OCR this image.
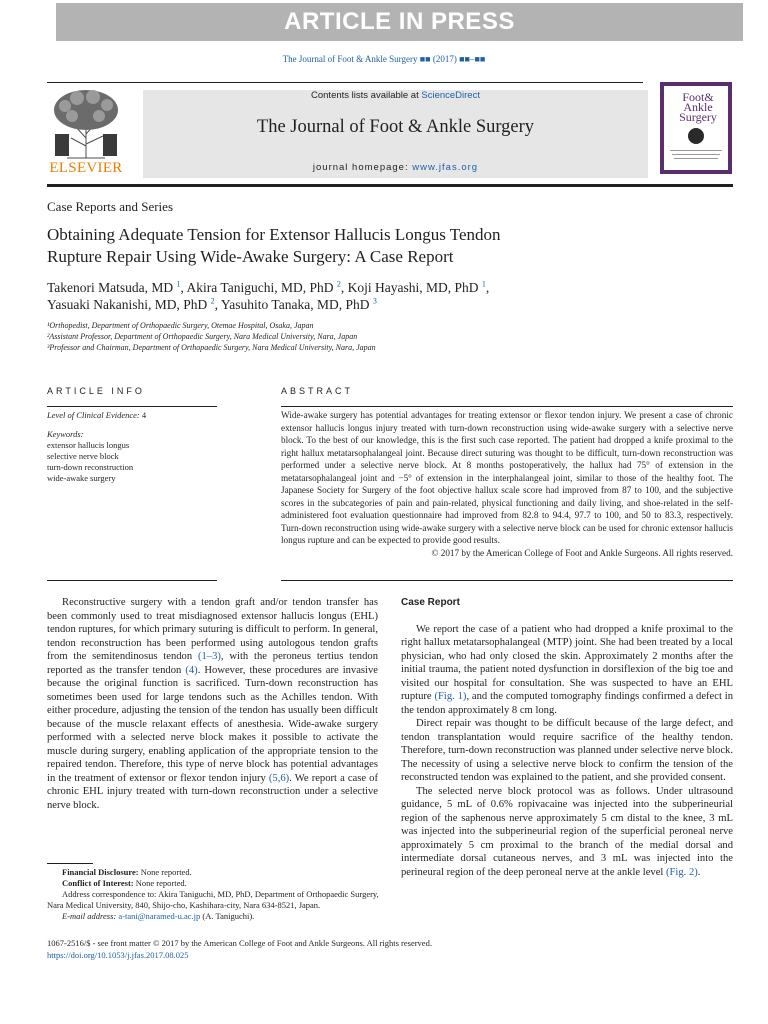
ARTICLE IN PRESS
The Journal of Foot & Ankle Surgery ■■ (2017) ■■–■■
ELSEVIER
Contents lists available at ScienceDirect
The Journal of Foot & Ankle Surgery
journal homepage: www.jfas.org
Foot&
Ankle
Surgery
Case Reports and Series
Obtaining Adequate Tension for Extensor Hallucis Longus Tendon
Rupture Repair Using Wide-Awake Surgery: A Case Report
Takenori Matsuda, MD $^1$, Akira Taniguchi, MD, PhD $^2$, Koji Hayashi, MD, PhD $^1$,
Yasuaki Nakanishi, MD, PhD $^2$, Yasuhito Tanaka, MD, PhD $^3$
¹Orthopedist, Department of Orthopaedic Surgery, Otemae Hospital, Osaka, Japan
²Assistant Professor, Department of Orthopaedic Surgery, Nara Medical University, Nara, Japan
³Professor and Chairman, Department of Orthopaedic Surgery, Nara Medical University, Nara, Japan
ARTICLE INFO
Level of Clinical Evidence: 4
Keywords:
extensor hallucis longus
selective nerve block
turn-down reconstruction
wide-awake surgery
ABSTRACT
Wide-awake surgery has potential advantages for treating extensor or flexor tendon injury. We present a case of chronic extensor hallucis longus injury treated with turn-down reconstruction using wide-awake surgery with a selective nerve block. To the best of our knowledge, this is the first such case reported. The patient had dropped a knife proximal to the right hallux metatarsophalangeal joint. Because direct suturing was thought to be difficult, turn-down reconstruction was performed under a selective nerve block. At 8 months postoperatively, the hallux had 75° of extension in the metatarsophalangeal joint and −5° of extension in the interphalangeal joint, similar to those of the healthy foot. The Japanese Society for Surgery of the foot objective hallux scale score had improved from 87 to 100, and the subjective scores in the subcategories of pain and pain-related, physical functioning and daily living, and shoe-related in the self-administered foot evaluation questionnaire had improved from 82.8 to 94.4, 97.7 to 100, and 50 to 83.3, respectively. Turn-down reconstruction using wide-awake surgery with a selective nerve block can be used for chronic extensor hallucis longus rupture and can be expected to provide good results.
© 2017 by the American College of Foot and Ankle Surgeons. All rights reserved.

Reconstructive surgery with a tendon graft and/or tendon transfer has been commonly used to treat misdiagnosed extensor hallucis longus (EHL) tendon ruptures, for which primary suturing is difficult to perform. In general, tendon reconstruction has been performed using autologous tendon grafts from the semitendinosus tendon (1–3), with the peroneus tertius tendon reported as the transfer tendon (4). However, these procedures are invasive because the original function is sacrificed. Turn-down reconstruction has sometimes been used for large tendons such as the Achilles tendon. With either procedure, adjusting the tension of the tendon has usually been difficult because of the muscle relaxant effects of anesthesia. Wide-awake surgery performed with a selected nerve block makes it possible to activate the muscle during surgery, enabling application of the appropriate tension to the repaired tendon. Therefore, this type of nerve block has potential advantages in the treatment of extensor or flexor tendon injury (5,6). We report a case of chronic EHL injury treated with turn-down reconstruction under a selective nerve block.

Case Report

We report the case of a patient who had dropped a knife proximal to the right hallux metatarsophalangeal (MTP) joint. She had been treated by a local physician, who had only closed the skin. Approximately 2 months after the initial trauma, the patient noted dysfunction in dorsiflexion of the big toe and visited our hospital for consultation. She was suspected to have an EHL rupture (Fig. 1), and the computed tomography findings confirmed a defect in the tendon approximately 8 cm long.

Direct repair was thought to be difficult because of the large defect, and tendon transplantation would require sacrifice of the healthy tendon. Therefore, turn-down reconstruction was planned under selective nerve block. The necessity of using a selective nerve block to confirm the tension of the reconstructed tendon was explained to the patient, and she provided consent.

The selected nerve block protocol was as follows. Under ultrasound guidance, 5 mL of 0.6% ropivacaine was injected into the subperineurial region of the saphenous nerve approximately 5 cm distal to the knee, 3 mL was injected into the subperineurial region of the superficial peroneal nerve approximately 5 cm proximal to the branch of the medial dorsal and intermediate dorsal cutaneous nerves, and 3 mL was injected into the perineural region of the deep peroneal nerve at the ankle level (Fig. 2).

Financial Disclosure: None reported.
Conflict of Interest: None reported.
Address correspondence to: Akira Taniguchi, MD, PhD, Department of Orthopaedic Surgery, Nara Medical University, 840, Shijo-cho, Kashihara-city, Nara 634-8521, Japan.
E-mail address: a-tani@naramed-u.ac.jp (A. Taniguchi).
1067-2516/$ - see front matter © 2017 by the American College of Foot and Ankle Surgeons. All rights reserved.
https://doi.org/10.1053/j.jfas.2017.08.025
